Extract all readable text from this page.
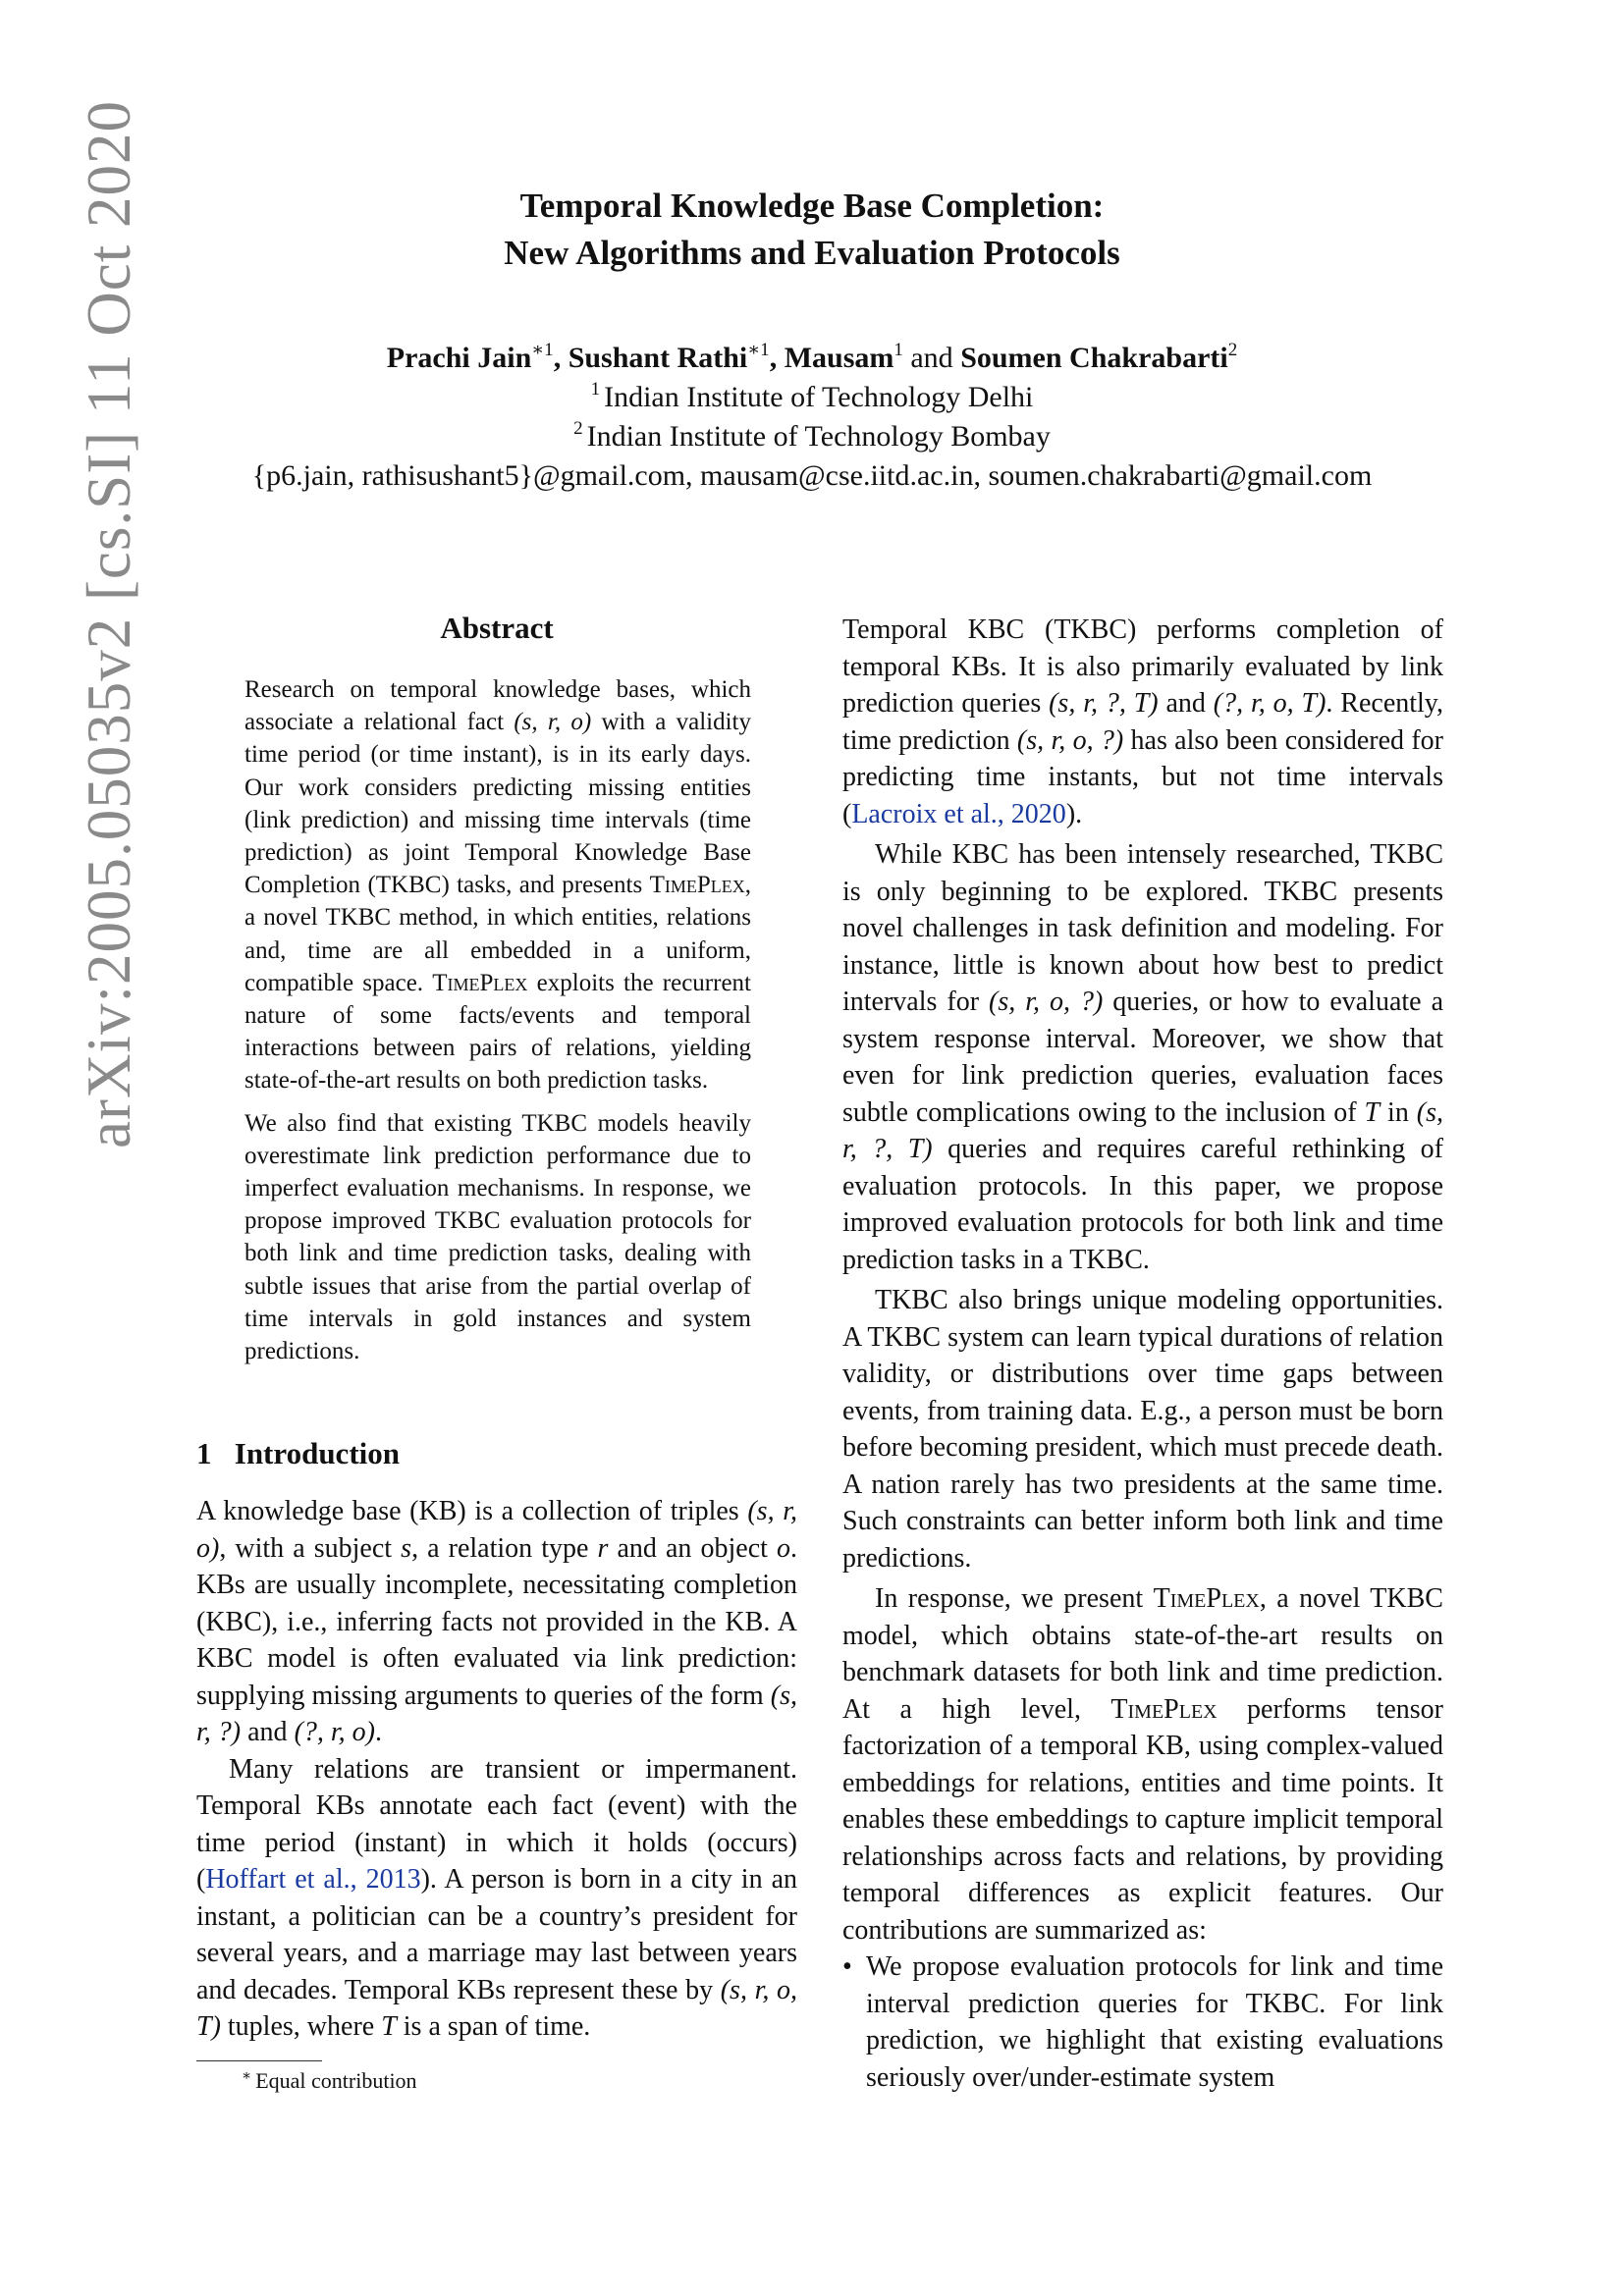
arXiv:2005.05035v2 [cs.SI] 11 Oct 2020	Temporal Knowledge Base Completion:
New Algorithms and Evaluation Protocols
Prachi Jain$^{∗1}$, Sushant Rathi$^{∗1}$, Mausam$^1$ and Soumen Chakrabarti$^2$
$^1$ Indian Institute of Technology Delhi
$^2$ Indian Institute of Technology Bombay
{p6.jain, rathisushant5}@gmail.com, mausam@cse.iitd.ac.in, soumen.chakrabarti@gmail.com
Abstract

Research on temporal knowledge bases, which associate a relational fact (s, r, o) with a validity time period (or time instant), is in its early days. Our work considers predicting missing entities (link prediction) and missing time intervals (time prediction) as joint Temporal Knowledge Base Completion (TKBC) tasks, and presents TimePlex, a novel TKBC method, in which entities, relations and, time are all embedded in a uniform, compatible space. TimePlex exploits the recurrent nature of some facts/events and temporal interactions between pairs of relations, yielding state-of-the-art results on both prediction tasks.

We also find that existing TKBC models heavily overestimate link prediction performance due to imperfect evaluation mechanisms. In response, we propose improved TKBC evaluation protocols for both link and time prediction tasks, dealing with subtle issues that arise from the partial overlap of time intervals in gold instances and system predictions.

1 Introduction

A knowledge base (KB) is a collection of triples (s, r, o), with a subject s, a relation type r and an object o. KBs are usually incomplete, necessitating completion (KBC), i.e., inferring facts not provided in the KB. A KBC model is often evaluated via link prediction: supplying missing arguments to queries of the form (s, r, ?) and (?, r, o).

Many relations are transient or impermanent. Temporal KBs annotate each fact (event) with the time period (instant) in which it holds (occurs) (Hoffart et al., 2013). A person is born in a city in an instant, a politician can be a country’s president for several years, and a marriage may last between years and decades. Temporal KBs represent these by (s, r, o, T) tuples, where T is a span of time.

Temporal KBC (TKBC) performs completion of temporal KBs. It is also primarily evaluated by link prediction queries (s, r, ?, T) and (?, r, o, T). Recently, time prediction (s, r, o, ?) has also been considered for predicting time instants, but not time intervals (Lacroix et al., 2020).

While KBC has been intensely researched, TKBC is only beginning to be explored. TKBC presents novel challenges in task definition and modeling. For instance, little is known about how best to predict intervals for (s, r, o, ?) queries, or how to evaluate a system response interval. Moreover, we show that even for link prediction queries, evaluation faces subtle complications owing to the inclusion of T in (s, r, ?, T) queries and requires careful rethinking of evaluation protocols. In this paper, we propose improved evaluation protocols for both link and time prediction tasks in a TKBC.

TKBC also brings unique modeling opportunities. A TKBC system can learn typical durations of relation validity, or distributions over time gaps between events, from training data. E.g., a person must be born before becoming president, which must precede death. A nation rarely has two presidents at the same time. Such constraints can better inform both link and time predictions.

In response, we present TimePlex, a novel TKBC model, which obtains state-of-the-art results on benchmark datasets for both link and time prediction. At a high level, TimePlex performs tensor factorization of a temporal KB, using complex-valued embeddings for relations, entities and time points. It enables these embeddings to capture implicit temporal relationships across facts and relations, by providing temporal differences as explicit features. Our contributions are summarized as:

• We propose evaluation protocols for link and time interval prediction queries for TKBC. For link prediction, we highlight that existing evaluations seriously over/under-estimate system
∗ Equal contribution
